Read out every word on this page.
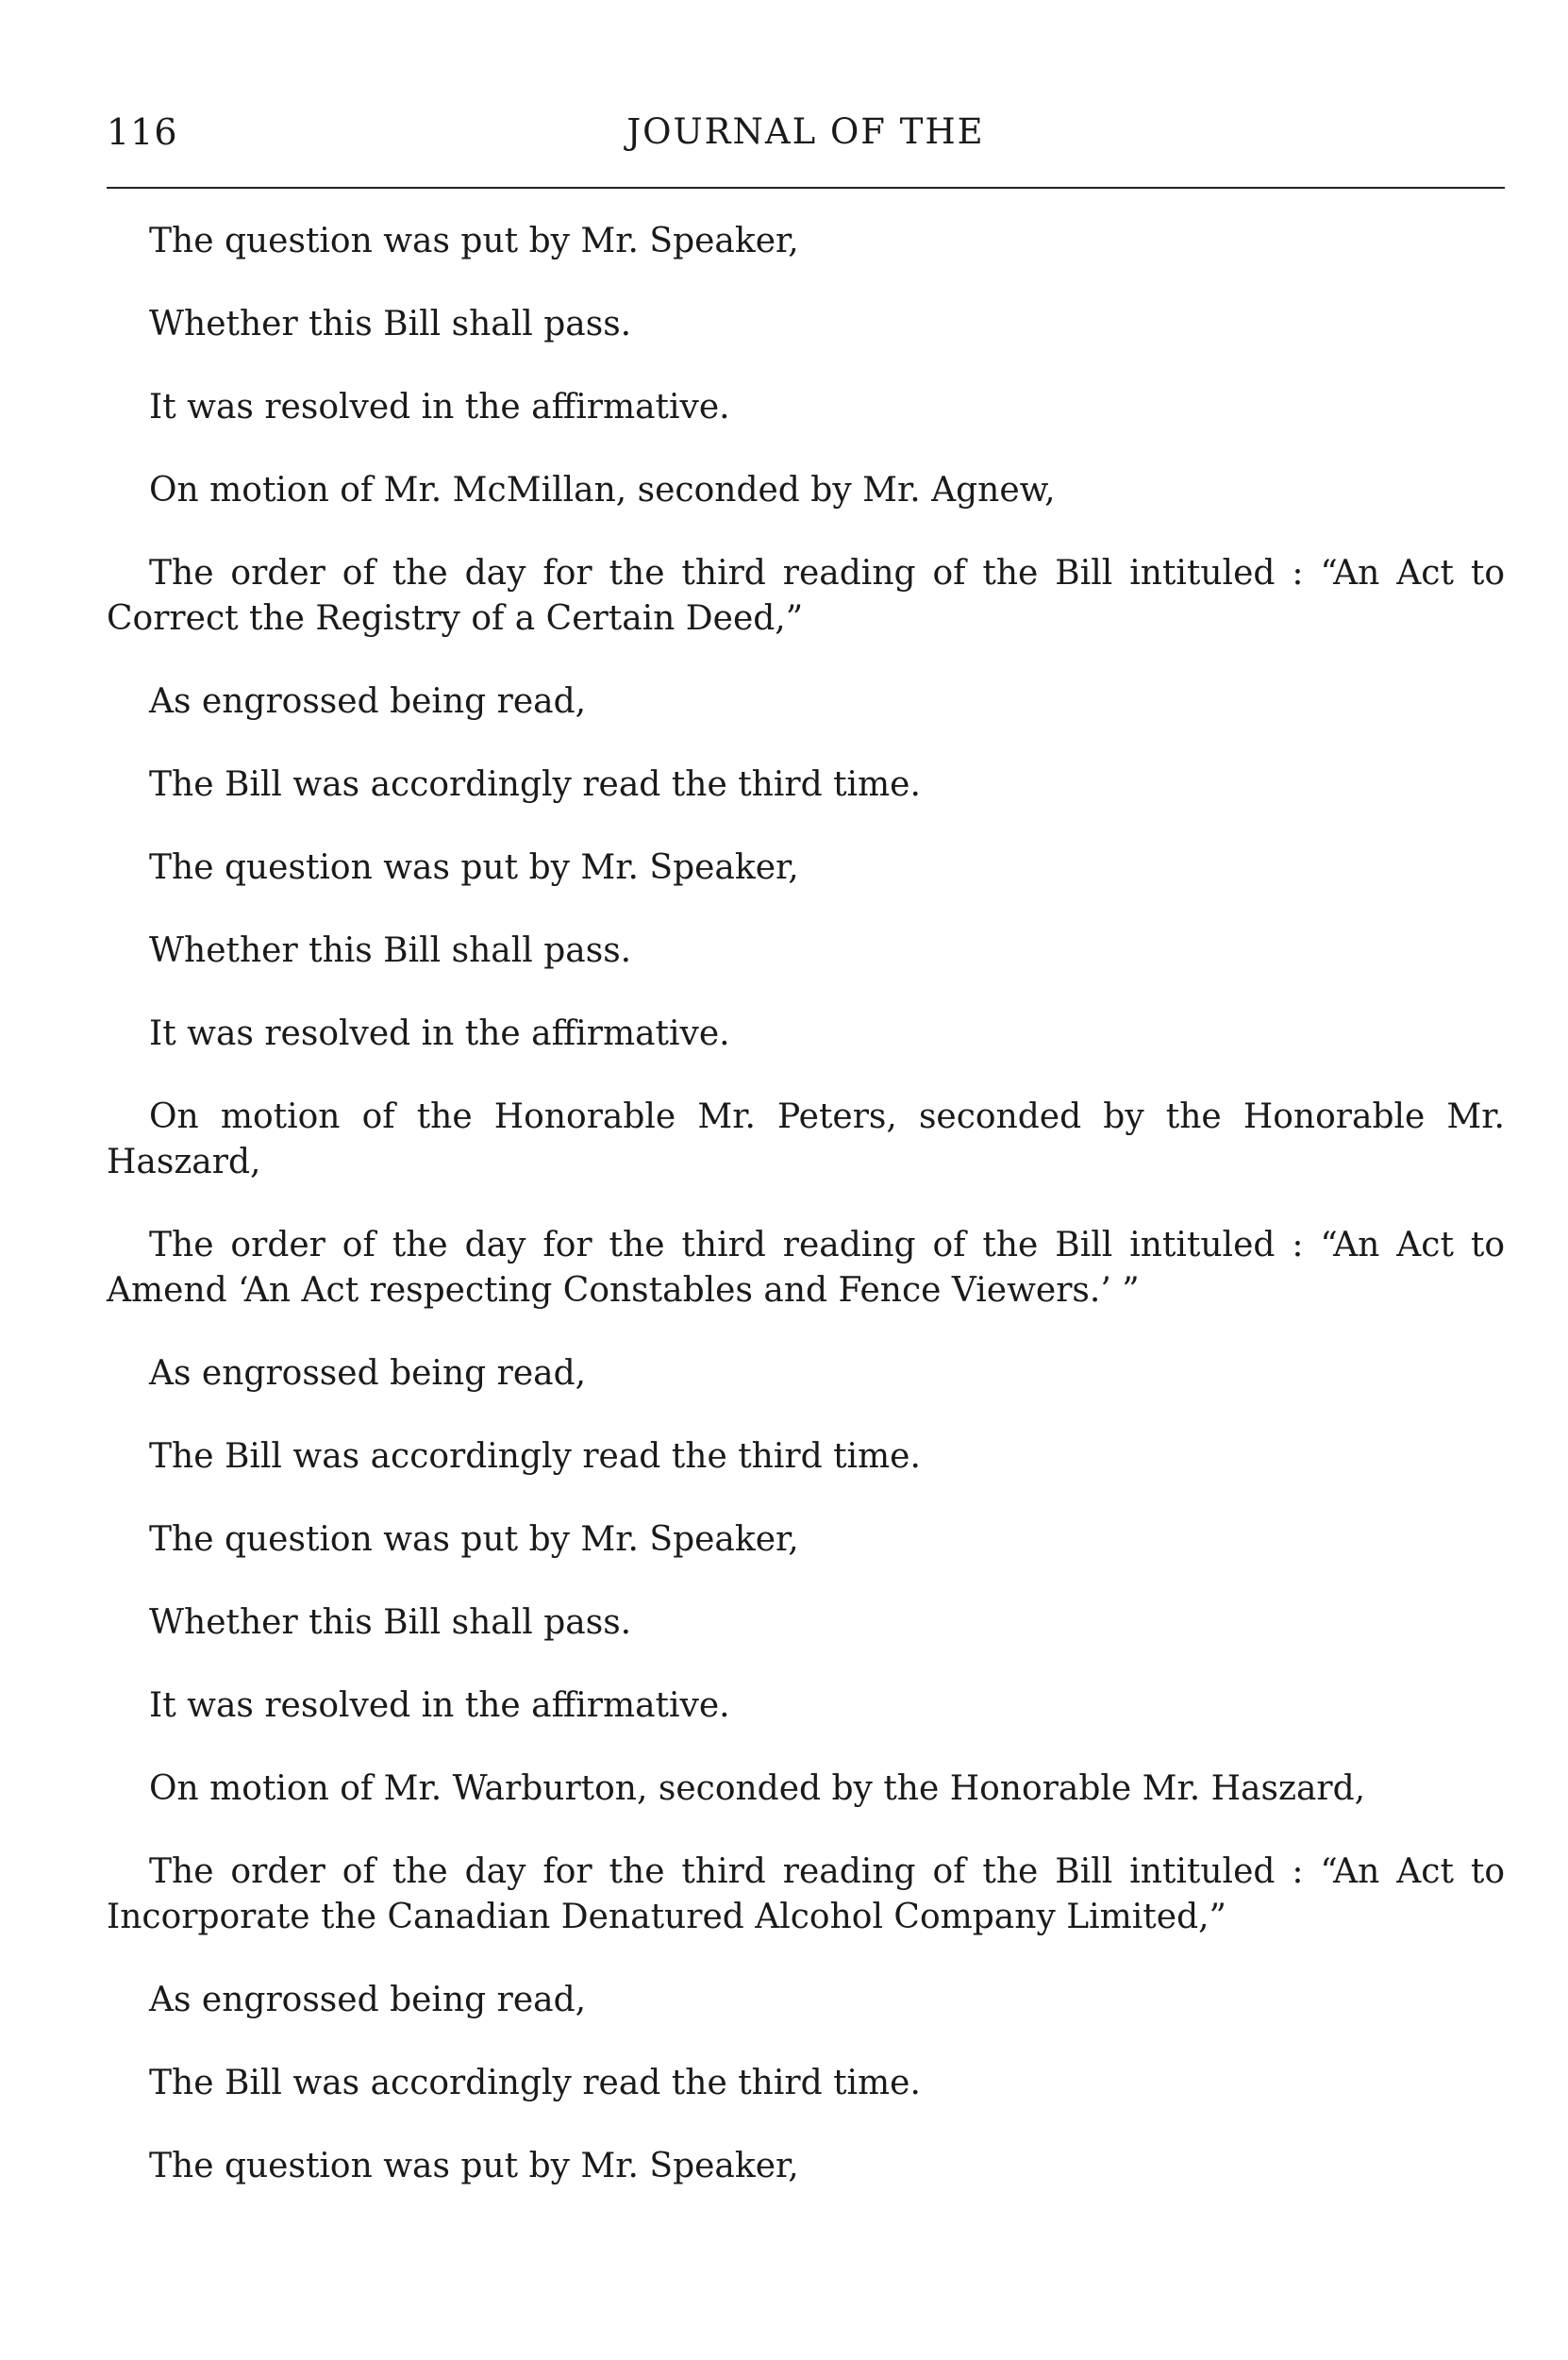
116	JOURNAL OF THE

The question was put by Mr. Speaker,

Whether this Bill shall pass.

It was resolved in the affirmative.

On motion of Mr. McMillan, seconded by Mr. Agnew,

The order of the day for the third reading of the Bill intituled : “An Act to Correct the Registry of a Certain Deed,”

As engrossed being read,

The Bill was accordingly read the third time.

The question was put by Mr. Speaker,

Whether this Bill shall pass.

It was resolved in the affirmative.

On motion of the Honorable Mr. Peters, seconded by the Honorable Mr. Haszard,

The order of the day for the third reading of the Bill intituled : “An Act to Amend ‘An Act respecting Constables and Fence Viewers.’ ”

As engrossed being read,

The Bill was accordingly read the third time.

The question was put by Mr. Speaker,

Whether this Bill shall pass.

It was resolved in the affirmative.

On motion of Mr. Warburton, seconded by the Honorable Mr. Haszard,

The order of the day for the third reading of the Bill intituled : “An Act to Incorporate the Canadian Denatured Alcohol Company Limited,”

As engrossed being read,

The Bill was accordingly read the third time.

The question was put by Mr. Speaker,
